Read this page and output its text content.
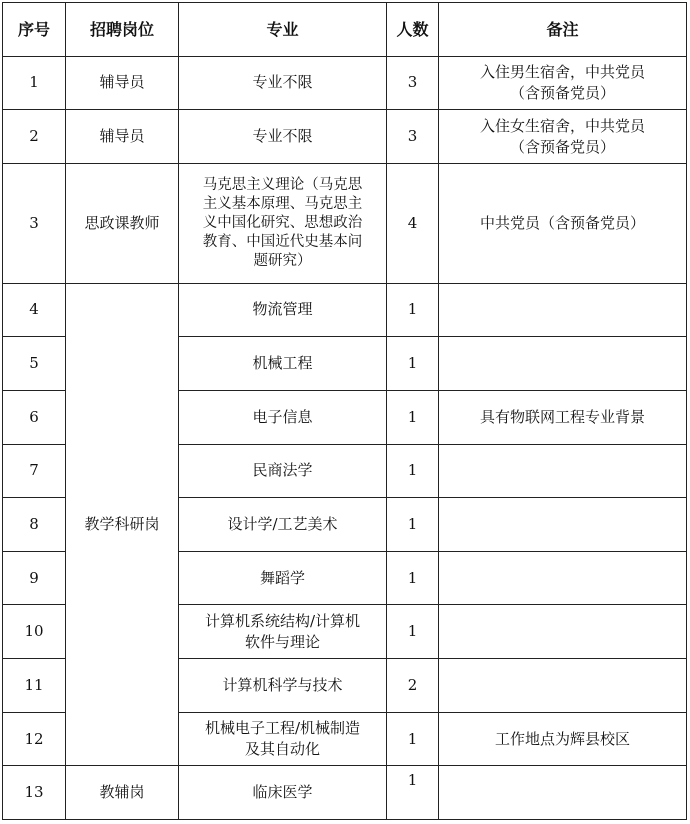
序号	招聘岗位	专业	人数	备注
1	辅导员	专业不限	3	入住男生宿舍，中共党员
（含预备党员）

2	辅导员	专业不限	3	入住女生宿舍，中共党员
（含预备党员）

3	思政课教师	马克思主义理论（马克思
主义基本原理、马克思主
义中国化研究、思想政治
教育、中国近代史基本问
题研究）	4	中共党员（含预备党员）
4	教学科研岗	物流管理	1	
5		机械工程	1	
6		电子信息	1	具有物联网工程专业背景
7		民商法学	1	
8		设计学/工艺美术	1	
9		舞蹈学	1	
10		计算机系统结构/计算机
软件与理论	1	
11		计算机科学与技术	2	
12		机械电子工程/机械制造
及其自动化	1	工作地点为辉县校区
13	教辅岗	临床医学	1	
